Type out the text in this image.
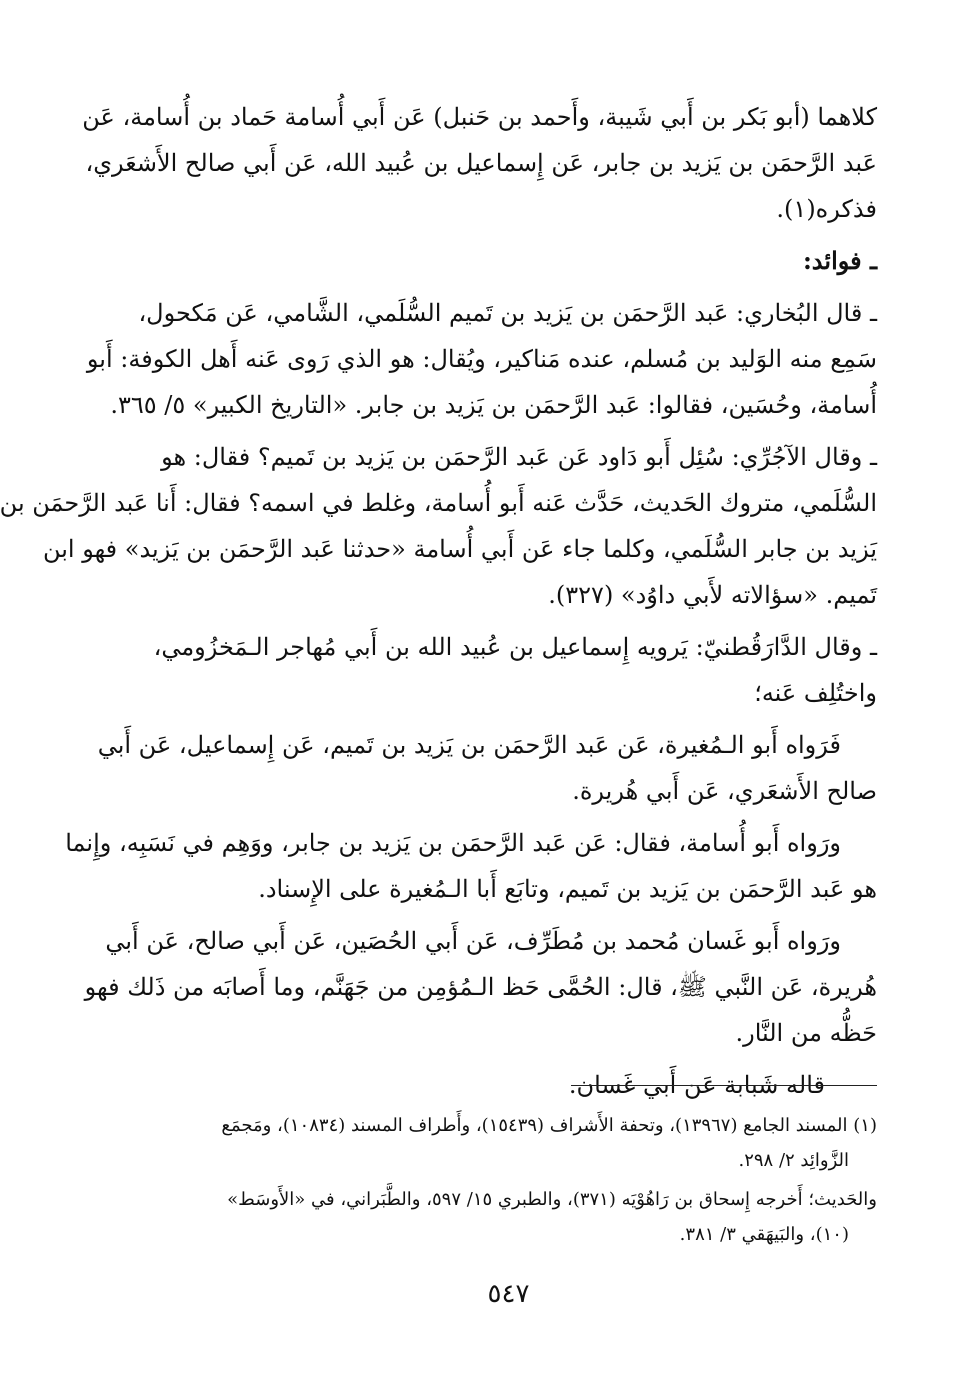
كلاهما (أبو بَكر بن أَبي شَيبة، وأَحمد بن حَنبل) عَن أَبي أُسامة حَماد بن أُسامة، عَن
عَبد الرَّحمَن بن يَزيد بن جابر، عَن إِسماعيل بن عُبيد الله، عَن أَبي صالح الأَشعَري،
فذكره(١).
ـ فوائد:
ـ قال البُخاري: عَبد الرَّحمَن بن يَزيد بن تَميم السُّلَمي، الشَّامي، عَن مَكحول،
سَمِع منه الوَليد بن مُسلم، عنده مَناكير، ويُقال: هو الذي رَوى عَنه أَهل الكوفة: أَبو
أُسامة، وحُسَين، فقالوا: عَبد الرَّحمَن بن يَزيد بن جابر. «التاريخ الكبير» ٥/ ٣٦٥.
ـ وقال الآجُرِّي: سُئِل أَبو دَاود عَن عَبد الرَّحمَن بن يَزيد بن تَميم؟ فقال: هو
السُّلَمي، متروك الحَديث، حَدَّث عَنه أَبو أُسامة، وغلط في اسمه؟ فقال: أَنا عَبد الرَّحمَن بن
يَزيد بن جابر السُّلَمي، وكلما جاء عَن أَبي أُسامة «حدثنا عَبد الرَّحمَن بن يَزيد» فهو ابن
تَميم. «سؤالاته لأَبي داوُد» (٣٢٧).
ـ وقال الدَّارَقُطنيّ: يَرويه إِسماعيل بن عُبيد الله بن أَبي مُهاجر الـمَخزُومي،
واختُلِف عَنه؛
فَرَواه أَبو الـمُغيرة، عَن عَبد الرَّحمَن بن يَزيد بن تَميم، عَن إِسماعيل، عَن أَبي
صالح الأَشعَري، عَن أَبي هُريرة.
ورَواه أَبو أُسامة، فقال: عَن عَبد الرَّحمَن بن يَزيد بن جابر، ووَهِم في نَسَبِه، وإِنما
هو عَبد الرَّحمَن بن يَزيد بن تَميم، وتابَع أَبا الـمُغيرة على الإِسناد.
ورَواه أَبو غَسان مُحمد بن مُطَرِّف، عَن أَبي الحُصَين، عَن أَبي صالح، عَن أَبي
هُريرة، عَن النَّبي ﷺ، قال: الحُمَّى حَظ الـمُؤمِن من جَهَنَّم، وما أَصابَه من ذَلك فهو
حَظُّه من النَّار.
قاله شَبابة عَن أَبي غَسان.
(١) المسند الجامع (١٣٩٦٧)، وتحفة الأَشراف (١٥٤٣٩)، وأَطراف المسند (١٠٨٣٤)، ومَجمَع
الزَّوائِد ٢/ ٢٩٨.
والحَديث؛ أَخرجه إِسحاق بن رَاهُوْيَه (٣٧١)، والطبري ١٥/ ٥٩٧، والطَّبَراني، في «الأَوسَط»
(١٠)، والبَيهَقي ٣/ ٣٨١.
٥٤٧
